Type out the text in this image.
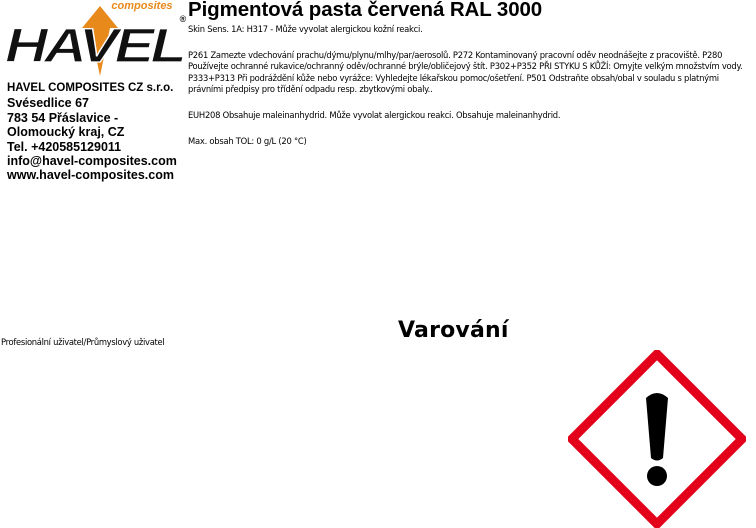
composites
HAVEL
®
HAVEL COMPOSITES CZ s.r.o.
Svésedlice 67
783 54 Přáslavice -
Olomoucký kraj, CZ
Tel. +420585129011
info@havel-composites.com
www.havel-composites.com
Pigmentová pasta červená RAL 3000
Skin Sens. 1A: H317 - Může vyvolat alergickou kožní reakci.
P261 Zamezte vdechování prachu/dýmu/plynu/mlhy/par/aerosolů. P272 Kontaminovaný pracovní oděv neodnášejte z pracoviště. P280 Používejte ochranné rukavice/ochranný oděv/ochranné brýle/obličejový štít. P302+P352 PŘI STYKU S KŮŽÍ: Omyjte velkým množstvím vody. P333+P313 Při podráždění kůže nebo vyrážce: Vyhledejte lékařskou pomoc/ošetření. P501 Odstraňte obsah/obal v souladu s platnými právními předpisy pro třídění odpadu resp. zbytkovými obaly..
EUH208 Obsahuje maleinanhydrid. Může vyvolat alergickou reakci. Obsahuje maleinanhydrid.
Max. obsah TOL: 0 g/L (20 °C)
Profesionální uživatel/Průmyslový uživatel	Varování
